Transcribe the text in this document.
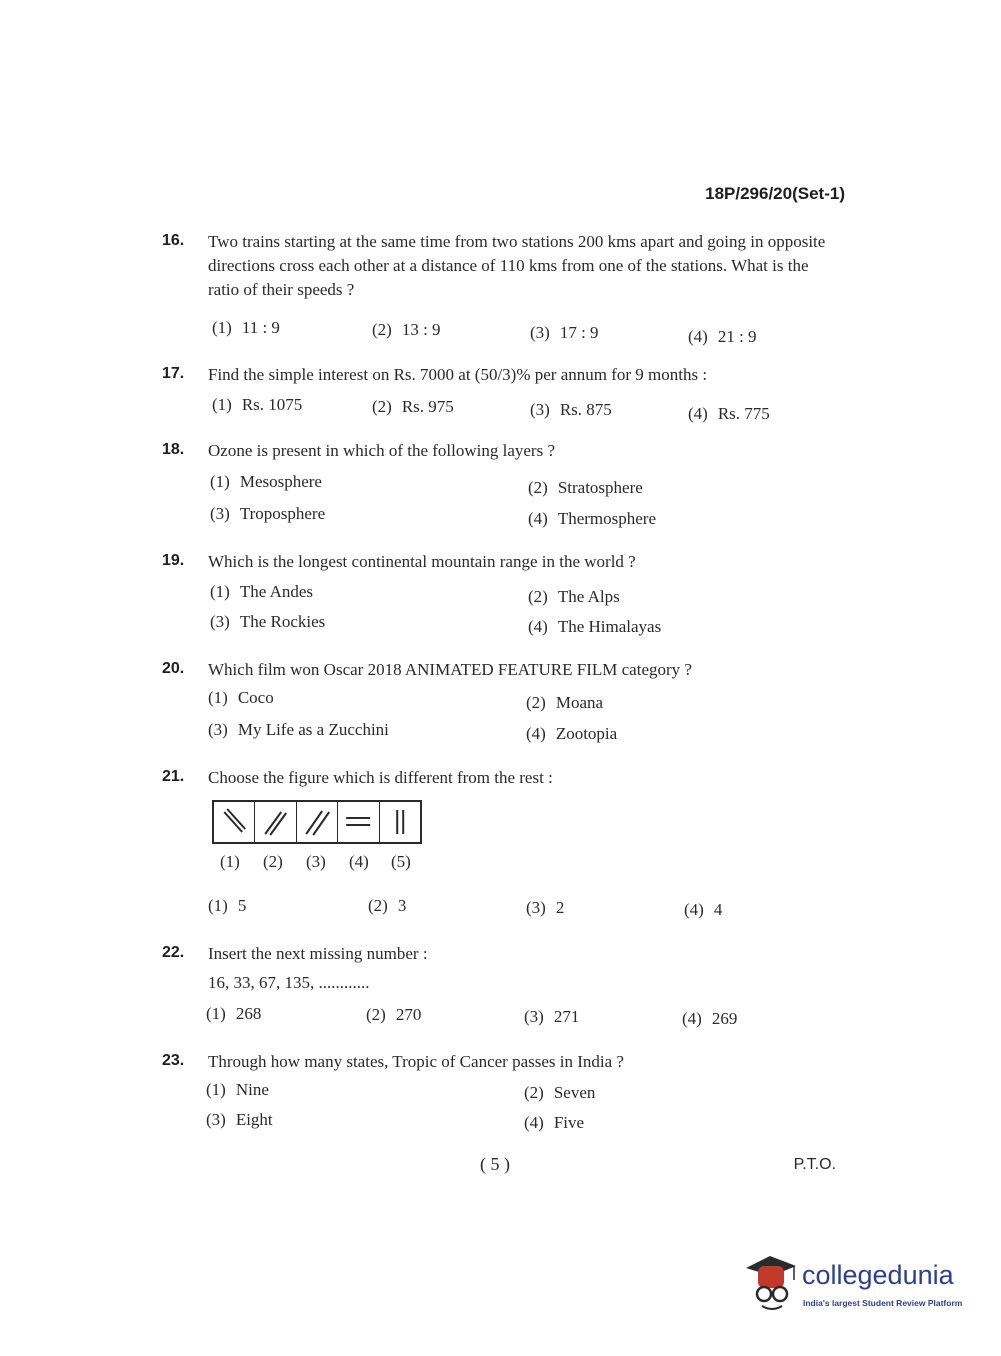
18P/296/20(Set-1)
16.	Two trains starting at the same time from two stations 200 kms apart and going in opposite directions cross each other at a distance of 110 kms from one of the stations. What is the ratio of their speeds ?
(1) 11 : 9	(2) 13 : 9	(3) 17 : 9	(4) 21 : 9
17.	Find the simple interest on Rs. 7000 at (50/3)% per annum for 9 months :
(1) Rs. 1075	(2) Rs. 975	(3) Rs. 875	(4) Rs. 775
18.	Ozone is present in which of the following layers ?
(1) Mesosphere	(2) Stratosphere
(3) Troposphere	(4) Thermosphere
19.	Which is the longest continental mountain range in the world ?
(1) The Andes	(2) The Alps
(3) The Rockies	(4) The Himalayas
20.	Which film won Oscar 2018 ANIMATED FEATURE FILM category ?
(1) Coco	(2) Moana
(3) My Life as a Zucchini	(4) Zootopia
21.	Choose the figure which is different from the rest :
(1) 5	(2) 3	(3) 2	(4) 4
(1) (2) (3) (4) (5)
22.	Insert the next missing number :
16, 33, 67, 135, ............
(1) 268	(2) 270	(3) 271	(4) 269
23.	Through how many states, Tropic of Cancer passes in India ?
(1) Nine	(2) Seven
(3) Eight	(4) Five
( 5 )	P.T.O.
collegedunia
India's largest Student Review Platform
